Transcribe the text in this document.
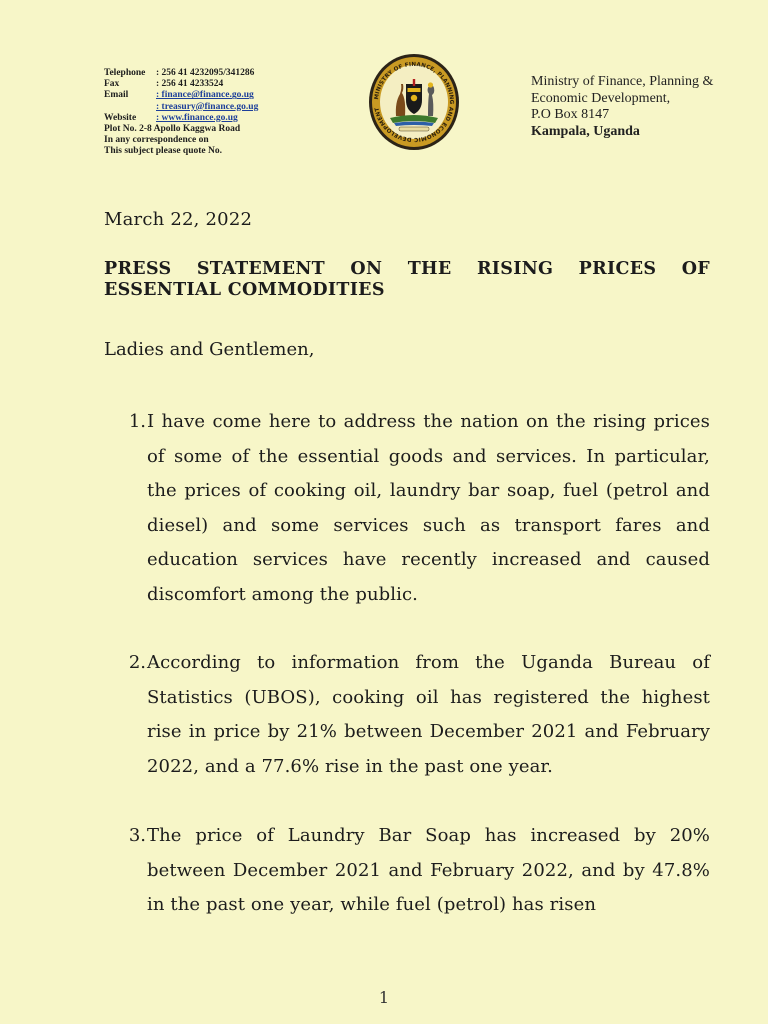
Telephone	: 256 41 4232095/341286
Fax	: 256 41 4233524
Email	: finance@finance.go.ug
: treasury@finance.go.ug
Website	: www.finance.go.ug
Plot No. 2-8 Apollo Kaggwa Road
In any correspondence on
This subject please quote No.
MINISTRY OF FINANCE, PLANNING AND ECONOMIC DEVELOPMENT
Ministry of Finance, Planning &
Economic Development,
P.O Box 8147
Kampala, Uganda
March 22, 2022
PRESS STATEMENT ON THE RISING PRICES OF
ESSENTIAL COMMODITIES
Ladies and Gentlemen,
1. I have come here to address the nation on the rising prices of some of the essential goods and services. In particular, the prices of cooking oil, laundry bar soap, fuel (petrol and diesel) and some services such as transport fares and education services have recently increased and caused discomfort among the public.
2. According to information from the Uganda Bureau of Statistics (UBOS), cooking oil has registered the highest rise in price by 21% between December 2021 and February 2022, and a 77.6% rise in the past one year.
3. The price of Laundry Bar Soap has increased by 20% between December 2021 and February 2022, and by 47.8% in the past one year, while fuel (petrol) has risen
1
